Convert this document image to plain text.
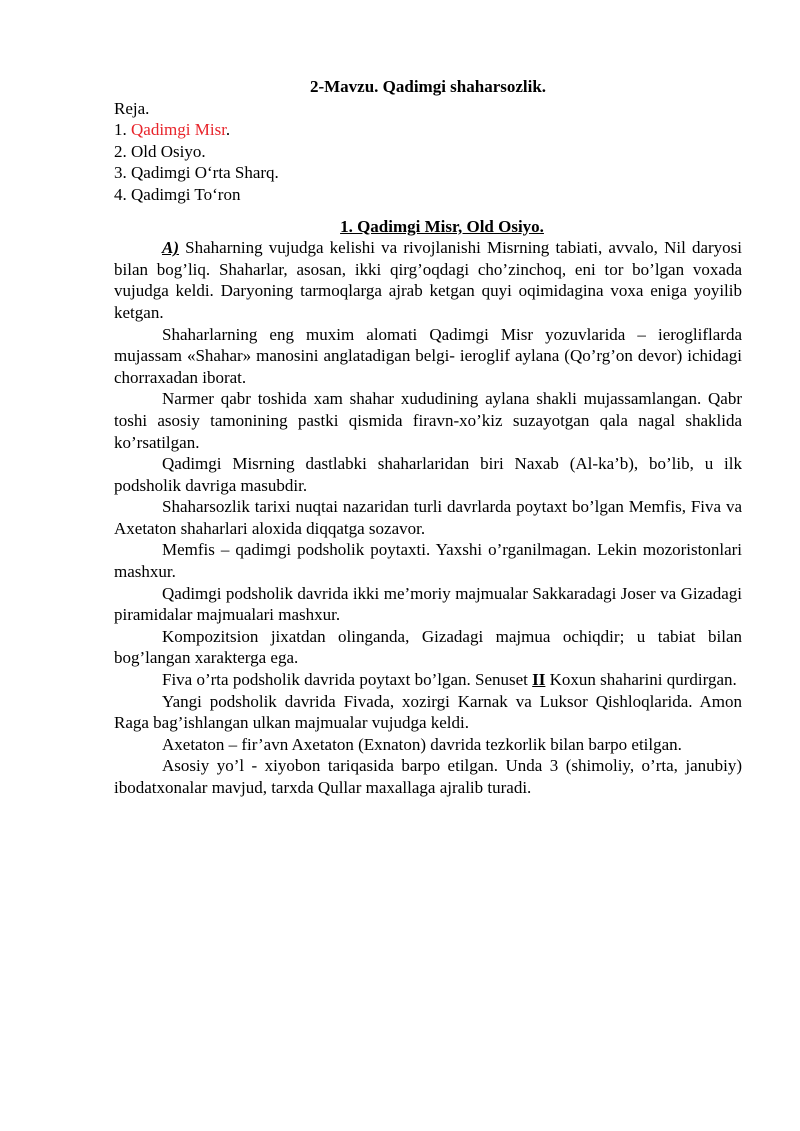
2-Mavzu. Qadimgi shaharsozlik.

Reja.

1. Qadimgi Misr.
2. Old Osiyo.
3. Qadimgi O‘rta Sharq.
4. Qadimgi To‘ron

1. Qadimgi Misr, Old Osiyo.

A) Shaharning vujudga kelishi va rivojlanishi Misrning tabiati, avvalo, Nil daryosi bilan bog’liq. Shaharlar, asosan, ikki qirg’oqdagi cho’zinchoq, eni tor bo’lgan voxada vujudga keldi. Daryoning tarmoqlarga ajrab ketgan quyi oqimidagina voxa eniga yoyilib ketgan.

Shaharlarning eng muxim alomati Qadimgi Misr yozuvlarida – ierogliflarda mujassam «Shahar» manosini anglatadigan belgi- ieroglif aylana (Qo’rg’on devor) ichidagi chorraxadan iborat.

Narmer qabr toshida xam shahar xududining aylana shakli mujassamlangan. Qabr toshi asosiy tamonining pastki qismida firavn-xo’kiz suzayotgan qala nagal shaklida ko’rsatilgan.

Qadimgi Misrning dastlabki shaharlaridan biri Naxab (Al-ka’b), bo’lib, u ilk podsholik davriga masubdir.

Shaharsozlik tarixi nuqtai nazaridan turli davrlarda poytaxt bo’lgan Memfis, Fiva va Axetaton shaharlari aloxida diqqatga sozavor.

Memfis – qadimgi podsholik poytaxti. Yaxshi o’rganilmagan. Lekin mozoristonlari mashxur.

Qadimgi podsholik davrida ikki me’moriy majmualar Sakkaradagi Joser va Gizadagi piramidalar majmualari mashxur.

Kompozitsion jixatdan olinganda, Gizadagi majmua ochiqdir; u tabiat bilan bog’langan xarakterga ega.

Fiva o’rta podsholik davrida poytaxt bo’lgan. Senuset II Koxun shaharini qurdirgan.

Yangi podsholik davrida Fivada, xozirgi Karnak va Luksor Qishloqlarida. Amon Raga bag’ishlangan ulkan majmualar vujudga keldi.

Axetaton – fir’avn Axetaton (Exnaton) davrida tezkorlik bilan barpo etilgan.

Asosiy yo’l - xiyobon tariqasida barpo etilgan. Unda 3 (shimoliy, o’rta, janubiy) ibodatxonalar mavjud, tarxda Qullar maxallaga ajralib turadi.
